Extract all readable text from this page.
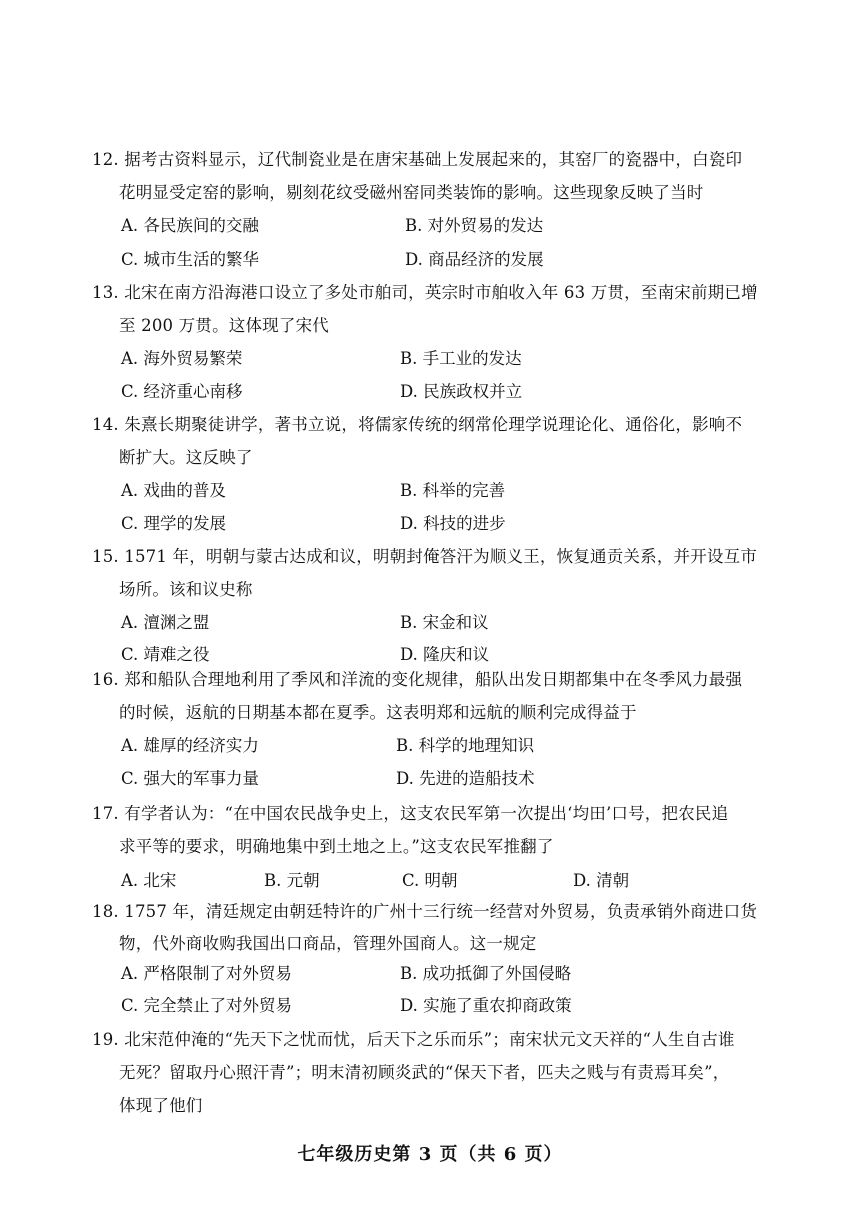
12. 据考古资料显示，辽代制瓷业是在唐宋基础上发展起来的，其窑厂的瓷器中，白瓷印
花明显受定窑的影响，剔刻花纹受磁州窑同类装饰的影响。这些现象反映了当时
A. 各民族间的交融	B. 对外贸易的发达
C. 城市生活的繁华	D. 商品经济的发展
13. 北宋在南方沿海港口设立了多处市舶司，英宗时市舶收入年 63 万贯，至南宋前期已增
至 200 万贯。这体现了宋代
A. 海外贸易繁荣	B. 手工业的发达
C. 经济重心南移	D. 民族政权并立
14. 朱熹长期聚徒讲学，著书立说，将儒家传统的纲常伦理学说理论化、通俗化，影响不
断扩大。这反映了
A. 戏曲的普及	B. 科举的完善
C. 理学的发展	D. 科技的进步
15. 1571 年，明朝与蒙古达成和议，明朝封俺答汗为顺义王，恢复通贡关系，并开设互市
场所。该和议史称
A. 澶渊之盟	B. 宋金和议
C. 靖难之役	D. 隆庆和议
16. 郑和船队合理地利用了季风和洋流的变化规律，船队出发日期都集中在冬季风力最强
的时候，返航的日期基本都在夏季。这表明郑和远航的顺利完成得益于
A. 雄厚的经济实力	B. 科学的地理知识
C. 强大的军事力量	D. 先进的造船技术
17. 有学者认为：“在中国农民战争史上，这支农民军第一次提出‘均田’口号，把农民追
求平等的要求，明确地集中到土地之上。”这支农民军推翻了
A. 北宋	B. 元朝	C. 明朝	D. 清朝
18. 1757 年，清廷规定由朝廷特许的广州十三行统一经营对外贸易，负责承销外商进口货
物，代外商收购我国出口商品，管理外国商人。这一规定
A. 严格限制了对外贸易	B. 成功抵御了外国侵略
C. 完全禁止了对外贸易	D. 实施了重农抑商政策
19. 北宋范仲淹的“先天下之忧而忧，后天下之乐而乐”；南宋状元文天祥的“人生自古谁
无死？留取丹心照汗青”；明末清初顾炎武的“保天下者，匹夫之贱与有责焉耳矣”，
体现了他们
七年级历史第 3 页（共 6 页）
